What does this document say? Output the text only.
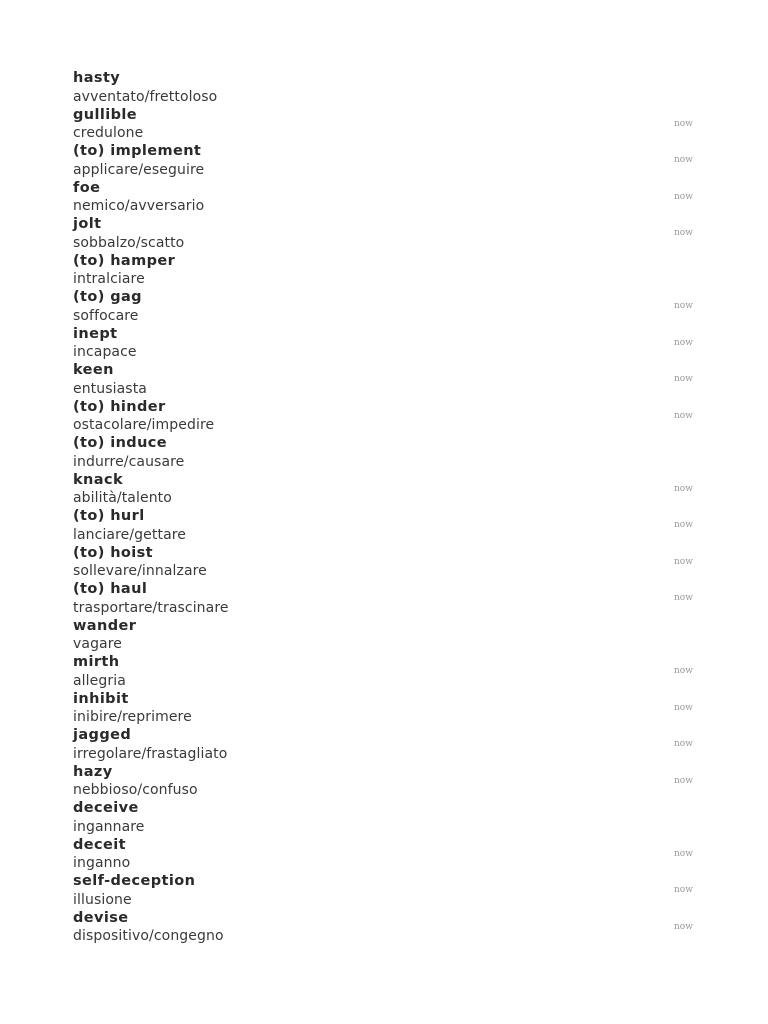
hasty
avventato/frettoloso
gullible
credulone
now
(to) implement
applicare/eseguire
now
foe
nemico/avversario
now
jolt
sobbalzo/scatto
now
(to) hamper
intralciare
(to) gag
soffocare
now
inept
incapace
now
keen
entusiasta
now
(to) hinder
ostacolare/impedire
now
(to) induce
indurre/causare
knack
abilità/talento
now
(to) hurl
lanciare/gettare
now
(to) hoist
sollevare/innalzare
now
(to) haul
trasportare/trascinare
now
wander
vagare
mirth
allegria
now
inhibit
inibire/reprimere
now
jagged
irregolare/frastagliato
now
hazy
nebbioso/confuso
now
deceive
ingannare
deceit
inganno
now
self-deception
illusione
now
devise
dispositivo/congegno
now
